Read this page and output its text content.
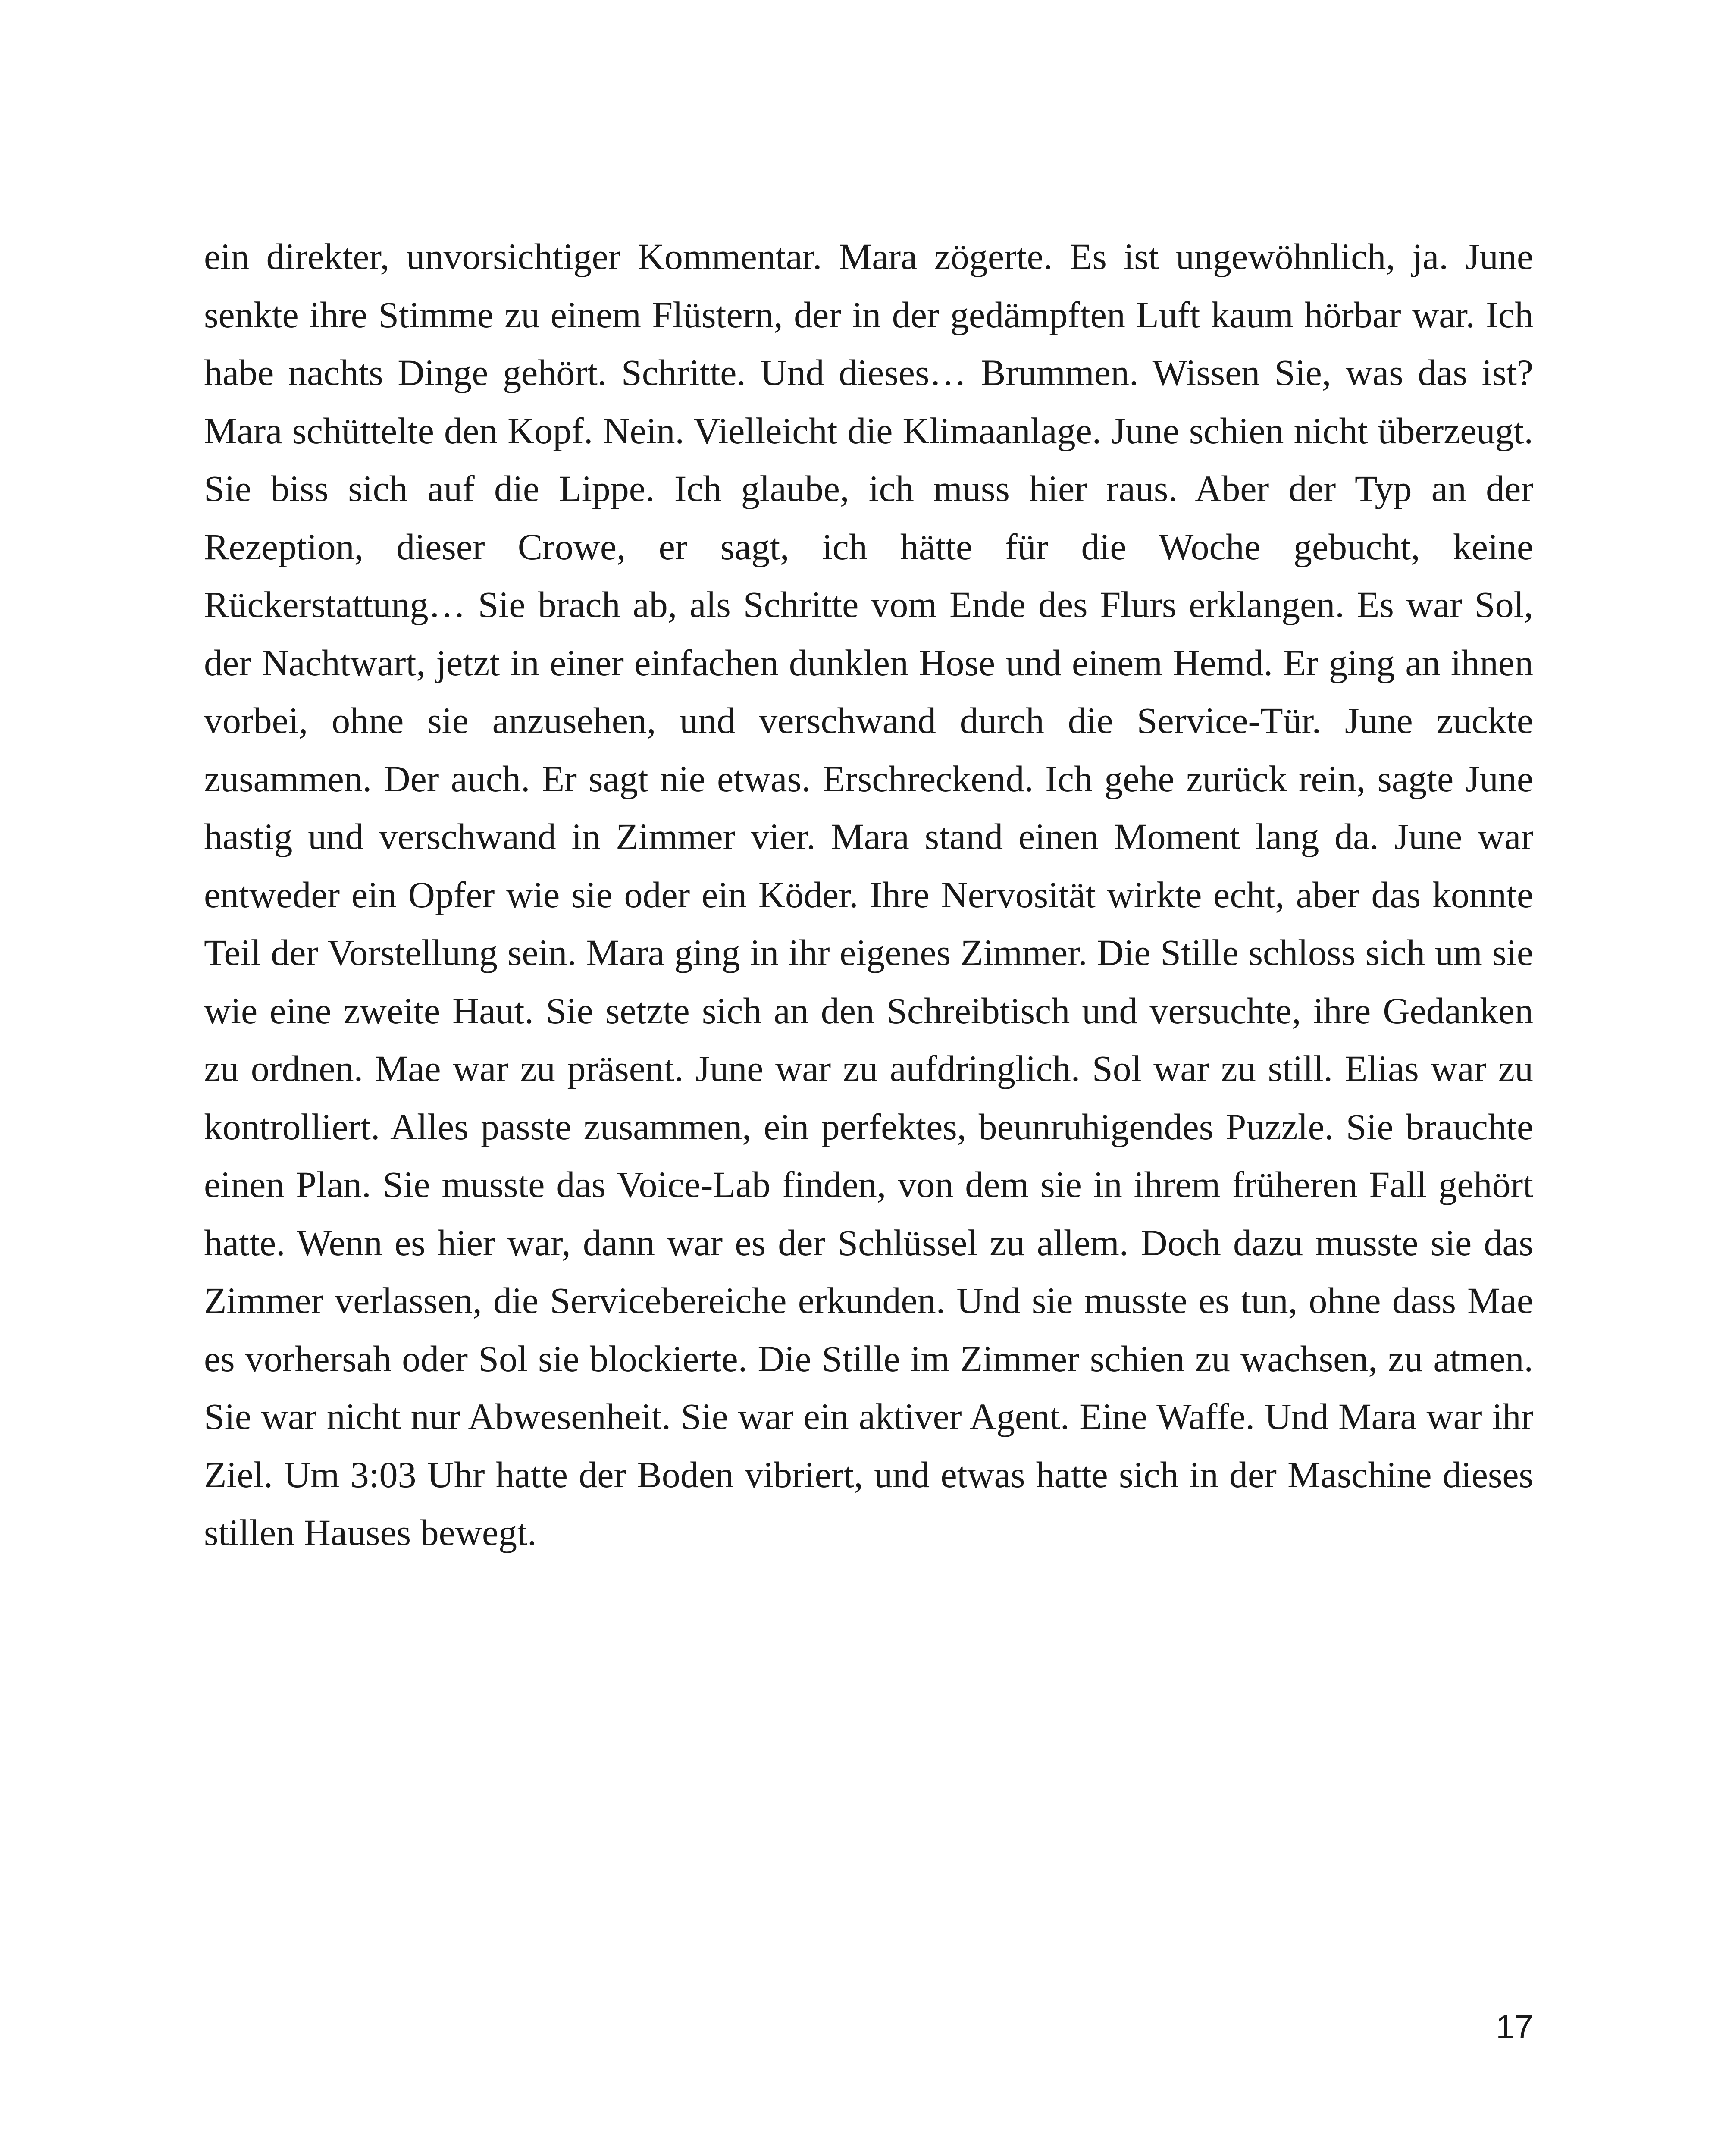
ein direkter, unvorsichtiger Kommentar. Mara zögerte. Es ist ungewöhnlich, ja. June senkte ihre Stimme zu einem Flüstern, der in der gedämpften Luft kaum hörbar war. Ich habe nachts Dinge gehört. Schritte. Und dieses… Brummen. Wissen Sie, was das ist? Mara schüttelte den Kopf. Nein. Vielleicht die Klimaanlage. June schien nicht überzeugt. Sie biss sich auf die Lippe. Ich glaube, ich muss hier raus. Aber der Typ an der Rezeption, dieser Crowe, er sagt, ich hätte für die Woche gebucht, keine Rückerstattung… Sie brach ab, als Schritte vom Ende des Flurs erklangen. Es war Sol, der Nachtwart, jetzt in einer einfachen dunklen Hose und einem Hemd. Er ging an ihnen vorbei, ohne sie anzusehen, und verschwand durch die Service-Tür. June zuckte zusammen. Der auch. Er sagt nie etwas. Erschreckend. Ich gehe zurück rein, sagte June hastig und verschwand in Zimmer vier. Mara stand einen Moment lang da. June war entweder ein Opfer wie sie oder ein Köder. Ihre Nervosität wirkte echt, aber das konnte Teil der Vorstellung sein. Mara ging in ihr eigenes Zimmer. Die Stille schloss sich um sie wie eine zweite Haut. Sie setzte sich an den Schreibtisch und versuchte, ihre Gedanken zu ordnen. Mae war zu präsent. June war zu aufdringlich. Sol war zu still. Elias war zu kontrolliert. Alles passte zusammen, ein perfektes, beunruhigendes Puzzle. Sie brauchte einen Plan. Sie musste das Voice-Lab finden, von dem sie in ihrem früheren Fall gehört hatte. Wenn es hier war, dann war es der Schlüssel zu allem. Doch dazu musste sie das Zimmer verlassen, die Servicebereiche erkunden. Und sie musste es tun, ohne dass Mae es vorhersah oder Sol sie blockierte. Die Stille im Zimmer schien zu wachsen, zu atmen. Sie war nicht nur Abwesenheit. Sie war ein aktiver Agent. Eine Waffe. Und Mara war ihr Ziel. Um 3:03 Uhr hatte der Boden vibriert, und etwas hatte sich in der Maschine dieses stillen Hauses bewegt.

17
